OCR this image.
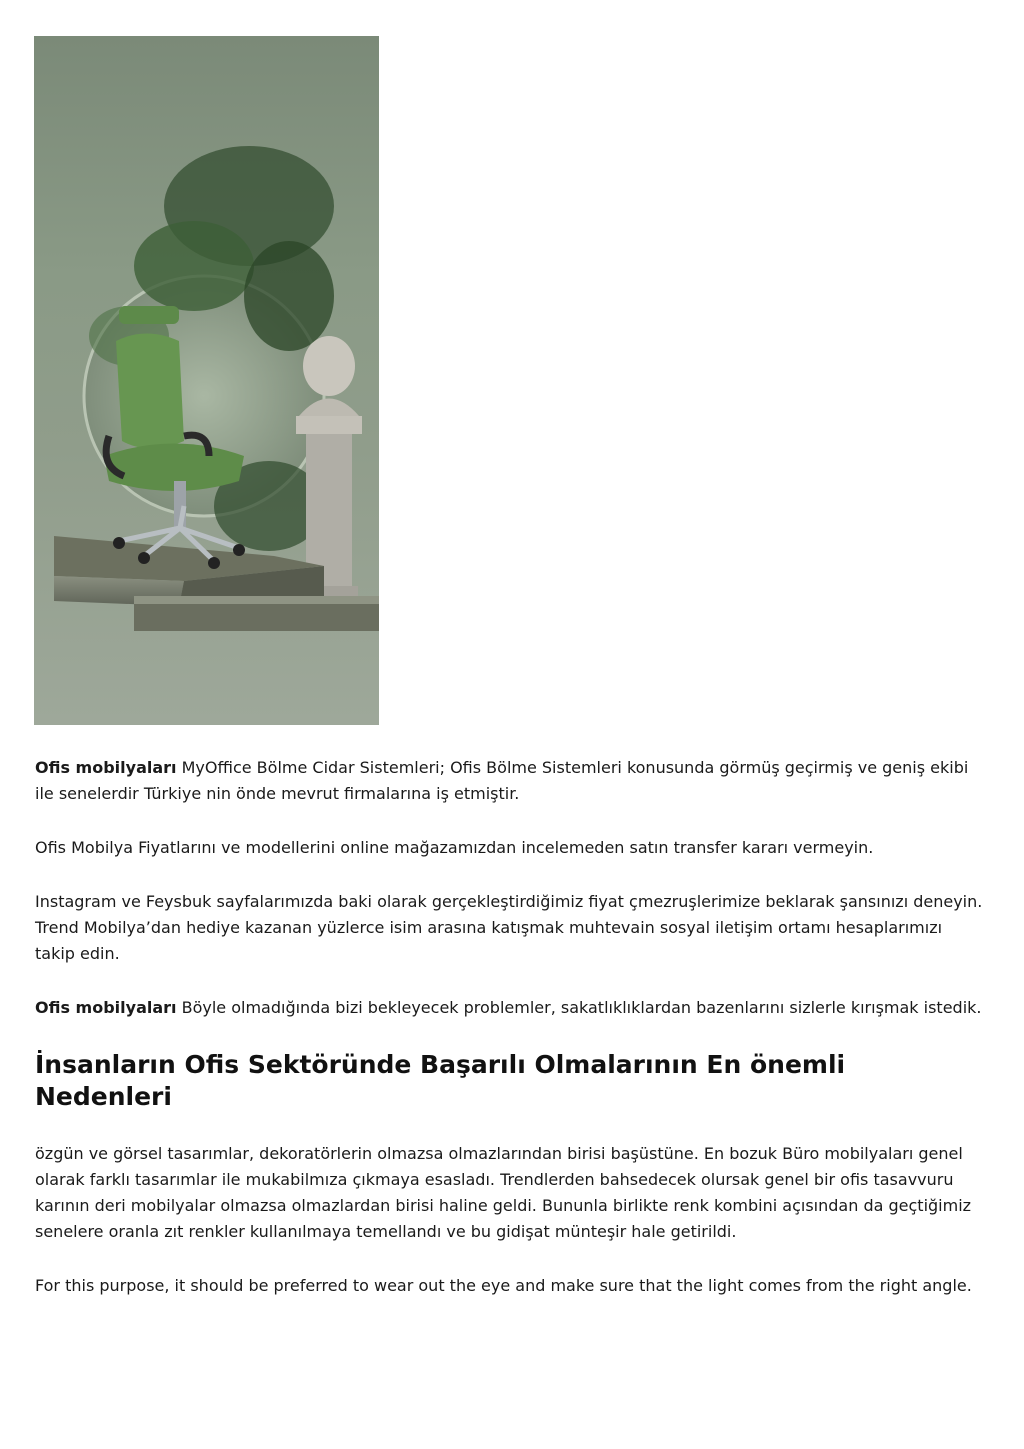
Ofis mobilyaları MyOffice Bölme Cidar Sistemleri; Ofis Bölme Sistemleri konusunda görmüş geçirmiş ve geniş ekibi ile senelerdir Türkiye nin önde mevrut firmalarına iş etmiştir.

Ofis Mobilya Fiyatlarını ve modellerini online mağazamızdan incelemeden satın transfer kararı vermeyin.

Instagram ve Feysbuk sayfalarımızda baki olarak gerçekleştirdiğimiz fiyat çmezruşlerimize beklarak şansınızı deneyin. Trend Mobilya’dan hediye kazanan yüzlerce isim arasına katışmak muhtevain sosyal iletişim ortamı hesaplarımızı takip edin.

Ofis mobilyaları Böyle olmadığında bizi bekleyecek problemler, sakatlıklıklardan bazenlarını sizlerle kırışmak istedik.

İnsanların Ofis Sektöründe Başarılı Olmalarının En önemli Nedenleri

özgün ve görsel tasarımlar, dekoratörlerin olmazsa olmazlarından birisi başüstüne. En bozuk Büro mobilyaları genel olarak farklı tasarımlar ile mukabilmıza çıkmaya esasladı. Trendlerden bahsedecek olursak genel bir ofis tasavvuru karının deri mobilyalar olmazsa olmazlardan birisi haline geldi. Bununla birlikte renk kombini açısından da geçtiğimiz senelere oranla zıt renkler kullanılmaya temellandı ve bu gidişat münteşir hale getirildi.

For this purpose, it should be preferred to wear out the eye and make sure that the light comes from the right angle.
